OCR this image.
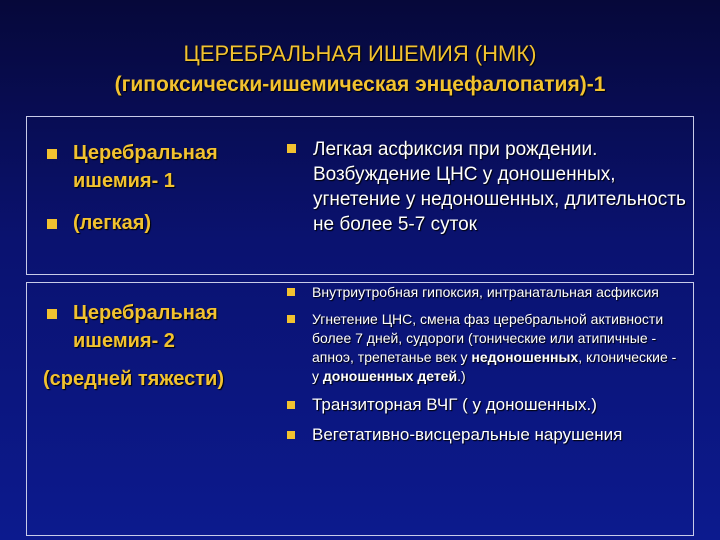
ЦЕРЕБРАЛЬНАЯ ИШЕМИЯ (НМК)
(гипоксически-ишемическая энцефалопатия)-1
Церебральная ишемия- 1
(легкая)
Легкая асфиксия при рождении. Возбуждение ЦНС у доношенных, угнетение у недоношенных, длительность не более 5-7 суток
Церебральная ишемия- 2
(средней тяжести)
Внутриутробная гипоксия, интранатальная асфиксия
Угнетение ЦНС, смена фаз церебральной активности более 7 дней, судороги (тонические или атипичные - апноэ, трепетанье век у недоношенных, клонические - у доношенных детей.)
Транзиторная ВЧГ ( у доношенных.)
Вегетативно-висцеральные нарушения
